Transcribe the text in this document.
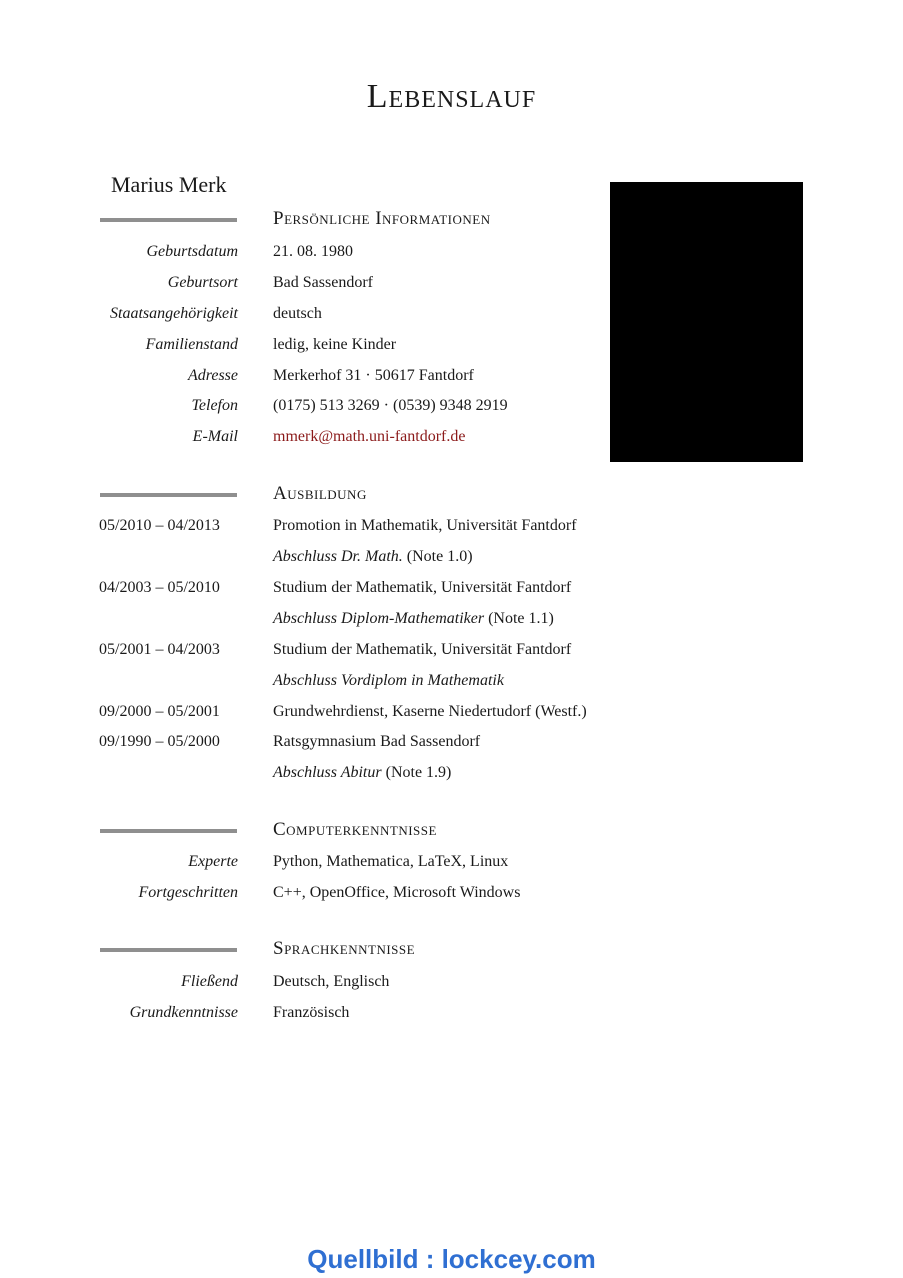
Lebenslauf
Marius Merk
Persönliche Informationen
Geburtsdatum 21. 08. 1980
Geburtsort Bad Sassendorf
Staatsangehörigkeit deutsch
Familienstand ledig, keine Kinder
Adresse Merkerhof 31 · 50617 Fantdorf
Telefon (0175) 513 3269 · (0539) 9348 2919
E-Mail mmerk@math.uni-fantdorf.de
Ausbildung
05/2010 – 04/2013	Promotion in Mathematik, Universität Fantdorf
Abschluss Dr. Math. (Note 1.0)
04/2003 – 05/2010	Studium der Mathematik, Universität Fantdorf
Abschluss Diplom-Mathematiker (Note 1.1)
05/2001 – 04/2003	Studium der Mathematik, Universität Fantdorf
Abschluss Vordiplom in Mathematik
09/2000 – 05/2001	Grundwehrdienst, Kaserne Niedertudorf (Westf.)
09/1990 – 05/2000	Ratsgymnasium Bad Sassendorf
Abschluss Abitur (Note 1.9)
Computerkenntnisse
Experte Python, Mathematica, LaTeX, Linux
Fortgeschritten C++, OpenOffice, Microsoft Windows
Sprachkenntnisse
Fließend Deutsch, Englisch
Grundkenntnisse Französisch
Quellbild : lockcey.com
